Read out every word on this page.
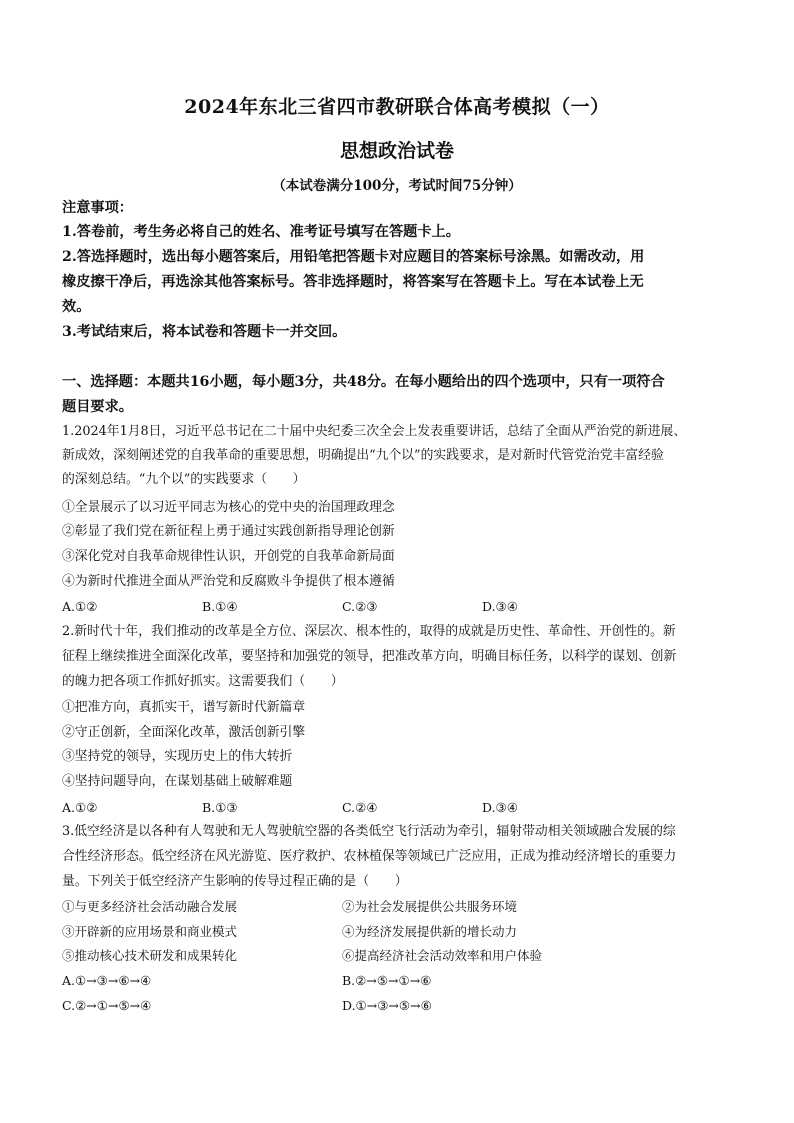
2024年东北三省四市教研联合体高考模拟（一）
思想政治试卷
（本试卷满分100分，考试时间75分钟）
注意事项：
1.答卷前，考生务必将自己的姓名、准考证号填写在答题卡上。
2.答选择题时，选出每小题答案后，用铅笔把答题卡对应题目的答案标号涂黑。如需改动，用
橡皮擦干净后，再选涂其他答案标号。答非选择题时，将答案写在答题卡上。写在本试卷上无
效。
3.考试结束后，将本试卷和答题卡一并交回。
一、选择题：本题共16小题，每小题3分，共48分。在每小题给出的四个选项中，只有一项符合
题目要求。
1.2024年1月8日，习近平总书记在二十届中央纪委三次全会上发表重要讲话，总结了全面从严治党的新进展、
新成效，深刻阐述党的自我革命的重要思想，明确提出“九个以”的实践要求，是对新时代管党治党丰富经验
的深刻总结。“九个以”的实践要求（　　）
①全景展示了以习近平同志为核心的党中央的治国理政理念
②彰显了我们党在新征程上勇于通过实践创新指导理论创新
③深化党对自我革命规律性认识，开创党的自我革命新局面
④为新时代推进全面从严治党和反腐败斗争提供了根本遵循
A.①②	B.①④	C.②③	D.③④
2.新时代十年，我们推动的改革是全方位、深层次、根本性的，取得的成就是历史性、革命性、开创性的。新
征程上继续推进全面深化改革，要坚持和加强党的领导，把准改革方向，明确目标任务，以科学的谋划、创新
的魄力把各项工作抓好抓实。这需要我们（　　）
①把准方向，真抓实干，谱写新时代新篇章
②守正创新，全面深化改革，激活创新引擎
③坚持党的领导，实现历史上的伟大转折
④坚持问题导向，在谋划基础上破解难题
A.①②	B.①③	C.②④	D.③④
3.低空经济是以各种有人驾驶和无人驾驶航空器的各类低空飞行活动为牵引，辐射带动相关领域融合发展的综
合性经济形态。低空经济在风光游览、医疗救护、农林植保等领域已广泛应用，正成为推动经济增长的重要力
量。下列关于低空经济产生影响的传导过程正确的是（　　）
①与更多经济社会活动融合发展	②为社会发展提供公共服务环境
③开辟新的应用场景和商业模式	④为经济发展提供新的增长动力
⑤推动核心技术研发和成果转化	⑥提高经济社会活动效率和用户体验
A.①→③→⑥→④	B.②→⑤→①→⑥
C.②→①→⑤→④	D.①→③→⑤→⑥
